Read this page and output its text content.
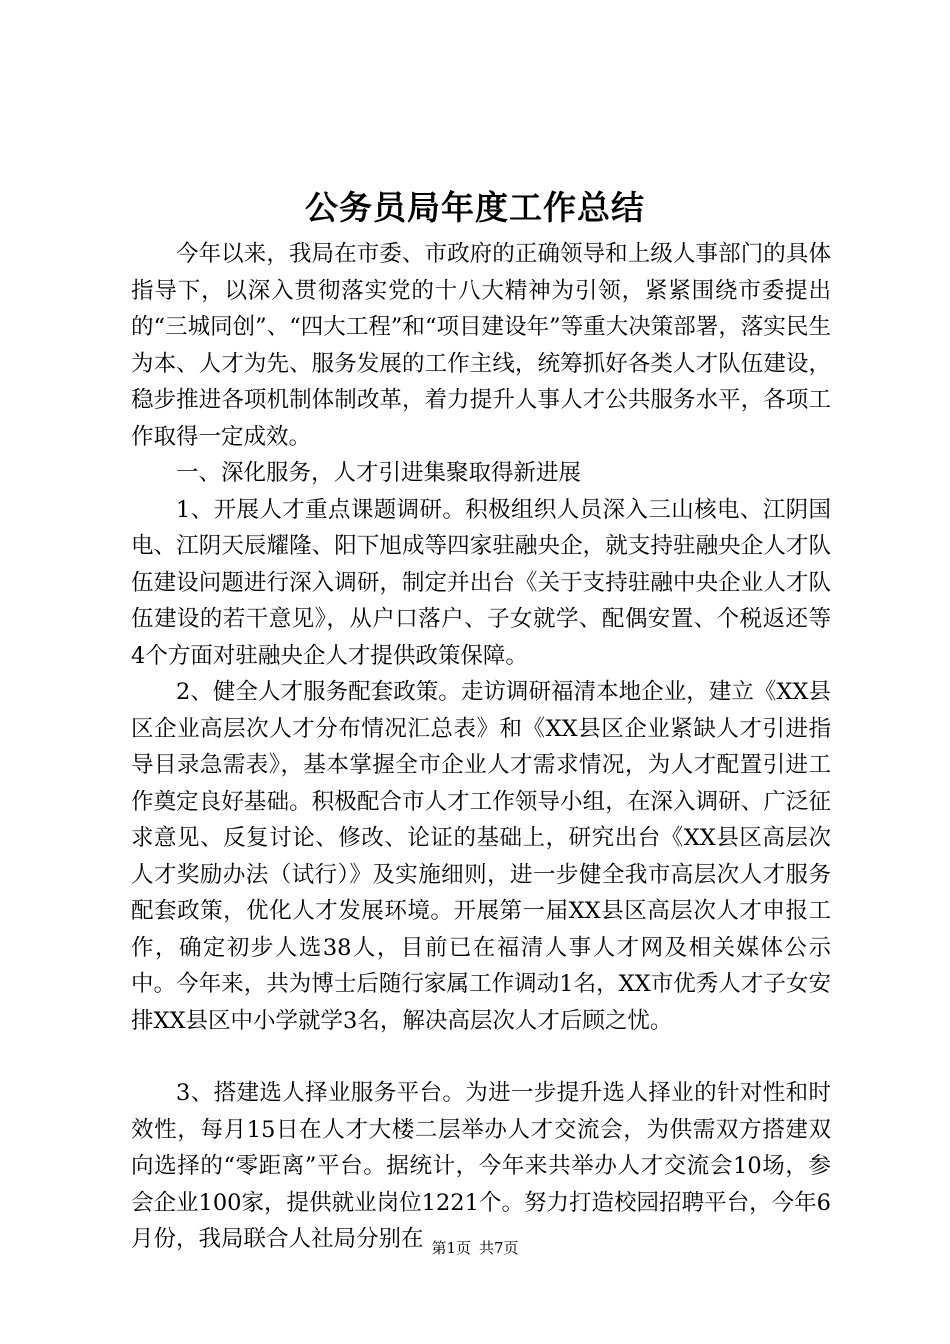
公务员局年度工作总结

今年以来，我局在市委、市政府的正确领导和上级人事部门的具体指导下，以深入贯彻落实党的十八大精神为引领，紧紧围绕市委提出的“三城同创”、“四大工程”和“项目建设年”等重大决策部署，落实民生为本、人才为先、服务发展的工作主线，统筹抓好各类人才队伍建设，稳步推进各项机制体制改革，着力提升人事人才公共服务水平，各项工作取得一定成效。

一、深化服务，人才引进集聚取得新进展

1、开展人才重点课题调研。积极组织人员深入三山核电、江阴国电、江阴天辰耀隆、阳下旭成等四家驻融央企，就支持驻融央企人才队伍建设问题进行深入调研，制定并出台《关于支持驻融中央企业人才队伍建设的若干意见》，从户口落户、子女就学、配偶安置、个税返还等4个方面对驻融央企人才提供政策保障。

2、健全人才服务配套政策。走访调研福清本地企业，建立《XX县区企业高层次人才分布情况汇总表》和《XX县区企业紧缺人才引进指导目录急需表》，基本掌握全市企业人才需求情况，为人才配置引进工作奠定良好基础。积极配合市人才工作领导小组，在深入调研、广泛征求意见、反复讨论、修改、论证的基础上，研究出台《XX县区高层次人才奖励办法（试行）》及实施细则，进一步健全我市高层次人才服务配套政策，优化人才发展环境。开展第一届XX县区高层次人才申报工作，确定初步人选38人，目前已在福清人事人才网及相关媒体公示中。今年来，共为博士后随行家属工作调动1名，XX市优秀人才子女安排XX县区中小学就学3名，解决高层次人才后顾之忧。

3、搭建选人择业服务平台。为进一步提升选人择业的针对性和时效性，每月15日在人才大楼二层举办人才交流会，为供需双方搭建双向选择的“零距离”平台。据统计，今年来共举办人才交流会10场，参会企业100家，提供就业岗位1221个。努力打造校园招聘平台，今年6月份，我局联合人社局分别在 第1页 共7页
